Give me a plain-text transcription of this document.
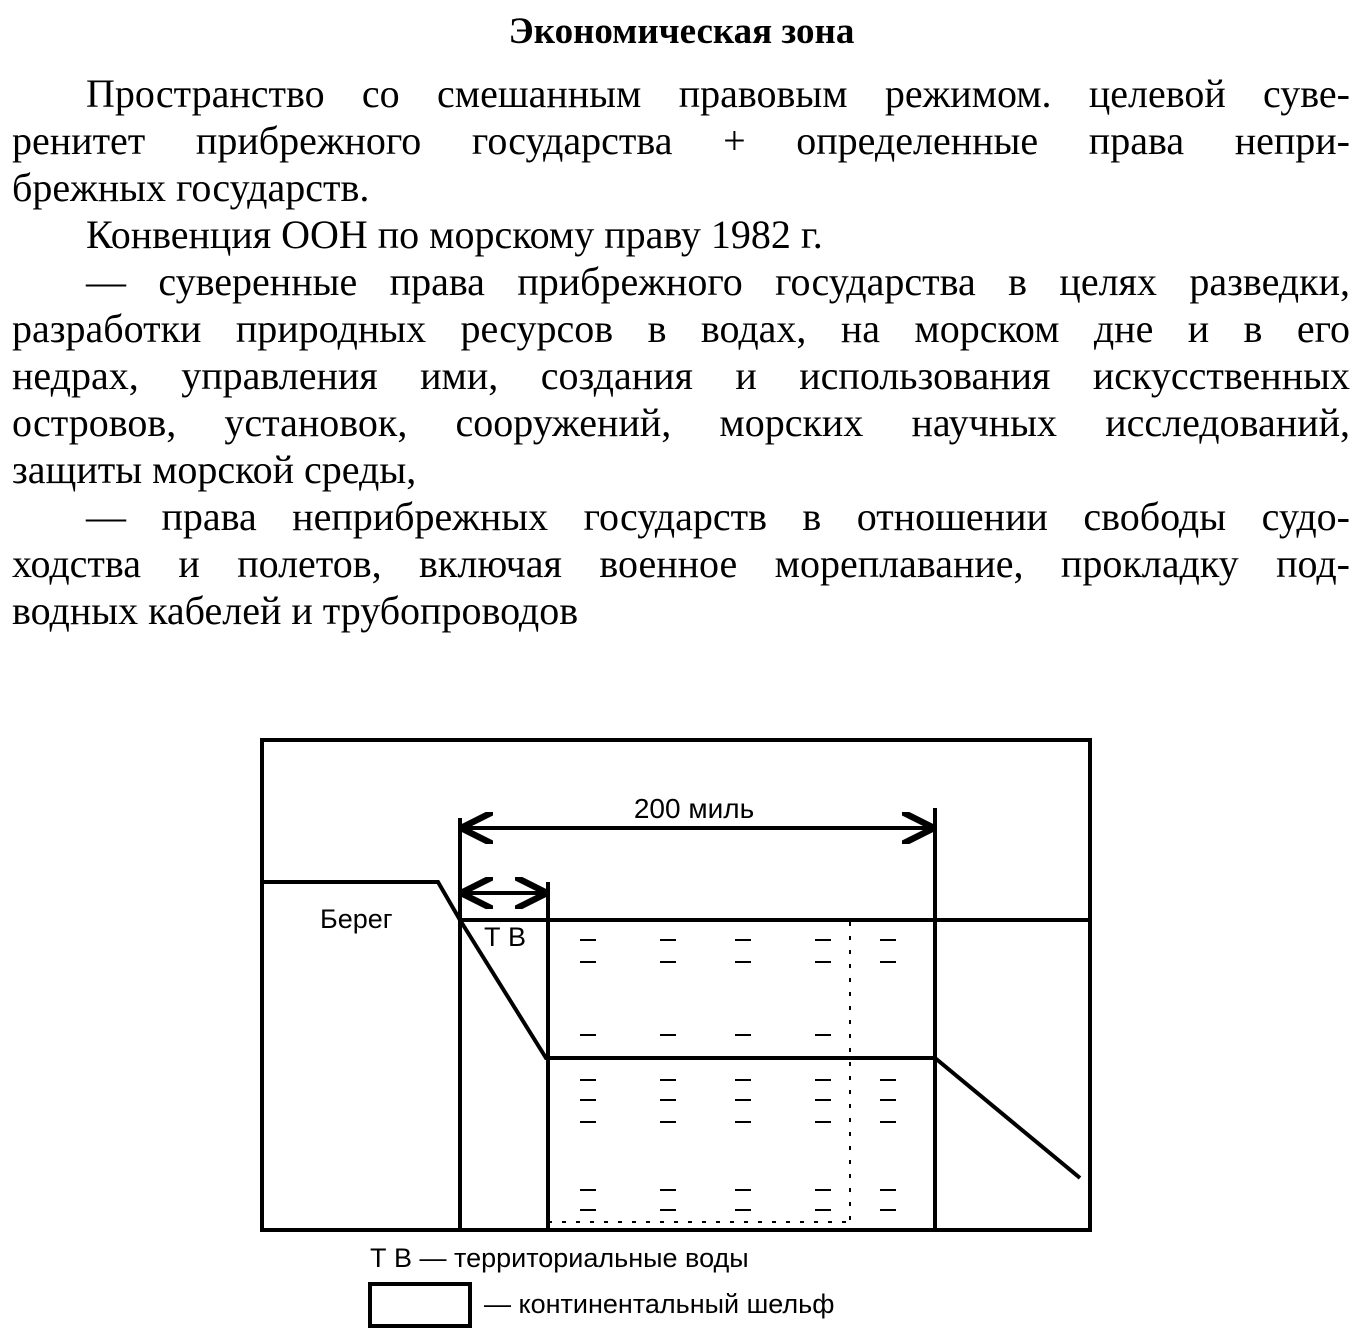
Экономическая зона
Пространство со смешанным правовым режимом. целевой суве-
ренитет прибрежного государства + определенные права непри-
брежных государств.
Конвенция ООН по морскому праву 1982 г.
— суверенные права прибрежного государства в целях разведки,
разработки природных ресурсов в водах, на морском дне и в его
недрах, управления ими, создания и использования искусственных
островов, установок, сооружений, морских научных исследований,
защиты морской среды,
— права неприбрежных государств в отношении свободы судо-
ходства и полетов, включая военное мореплавание, прокладку под-
водных кабелей и трубопроводов
200 миль
Берег
Т В
Т В — территориальные воды
— континентальный шельф
